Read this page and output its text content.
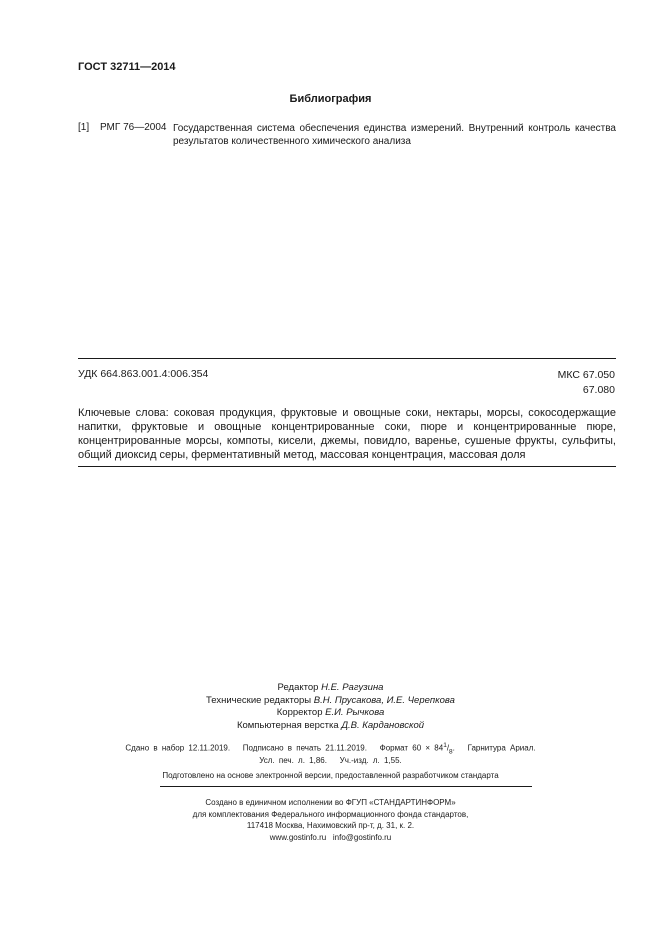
ГОСТ 32711—2014
Библиография
[1] РМГ 76—2004 Государственная система обеспечения единства измерений. Внутренний контроль качества результатов количественного химического анализа
УДК 664.863.001.4:006.354	МКС 67.050
67.080
Ключевые слова: соковая продукция, фруктовые и овощные соки, нектары, морсы, сокосодержащие напитки, фруктовые и овощные концентрированные соки, пюре и концентрированные пюре, концентрированные морсы, компоты, кисели, джемы, повидло, варенье, сушеные фрукты, сульфиты, общий диоксид серы, ферментативный метод, массовая концентрация, массовая доля
Редактор Н.Е. Рагузина
Технические редакторы В.Н. Прусакова, И.Е. Черепкова
Корректор Е.И. Рычкова
Компьютерная верстка Д.В. Кардановской
Сдано в набор 12.11.2019. Подписано в печать 21.11.2019. Формат $60 \times 84^1/_8$.   Гарнитура Ариал.
Усл. печ. л. 1,86. Уч.-изд. л. 1,55.
Подготовлено на основе электронной версии, предоставленной разработчиком стандарта
Создано в единичном исполнении во ФГУП «СТАНДАРТИНФОРМ»
для комплектования Федерального информационного фонда стандартов,
117418 Москва, Нахимовский пр-т, д. 31, к. 2.
www.gostinfo.ru info@gostinfo.ru
